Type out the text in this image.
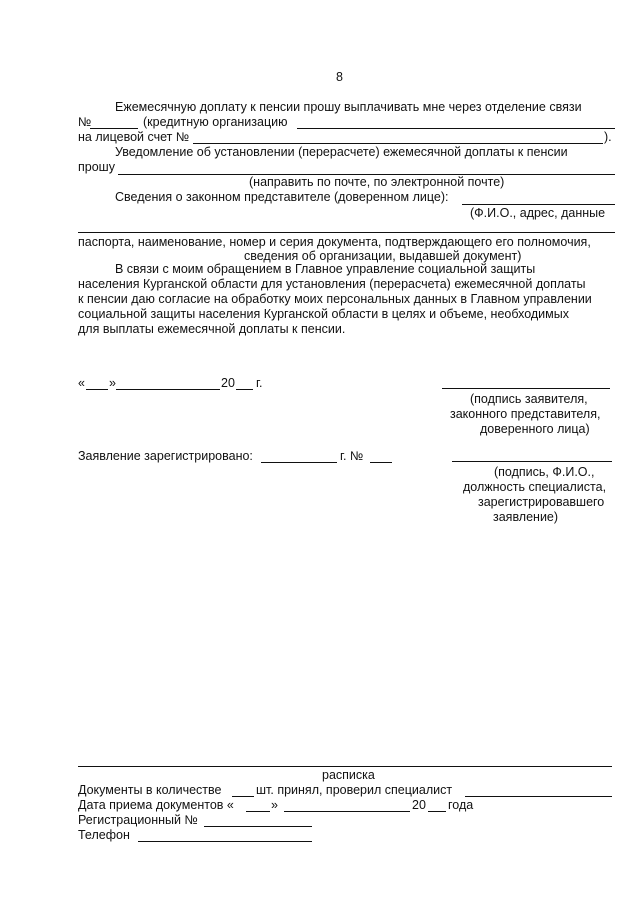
8
Ежемесячную доплату к пенсии прошу выплачивать мне через отделение связи
№	(кредитную организацию
на лицевой счет №	).
Уведомление об установлении (перерасчете) ежемесячной доплаты к пенсии
прошу
(направить по почте, по электронной почте)
Сведения о законном представителе (доверенном лице):
(Ф.И.О., адрес, данные
паспорта, наименование, номер и серия документа, подтверждающего его полномочия,
сведения об организации, выдавшей документ)
В связи с моим обращением в Главное управление социальной защиты
населения Курганской области для установления (перерасчета) ежемесячной доплаты
к пенсии даю согласие на обработку моих персональных данных в Главном управлении
социальной защиты населения Курганской области в целях и объеме, необходимых
для выплаты ежемесячной доплаты к пенсии.
« »	20 г.
(подпись заявителя,
законного представителя,
доверенного лица)
Заявление зарегистрировано:	г. №
(подпись, Ф.И.О.,
должность специалиста,
зарегистрировавшего
заявление)
расписка
Документы в количестве	шт. принял, проверил специалист
Дата приема документов «	»	20 года
Регистрационный №
Телефон
